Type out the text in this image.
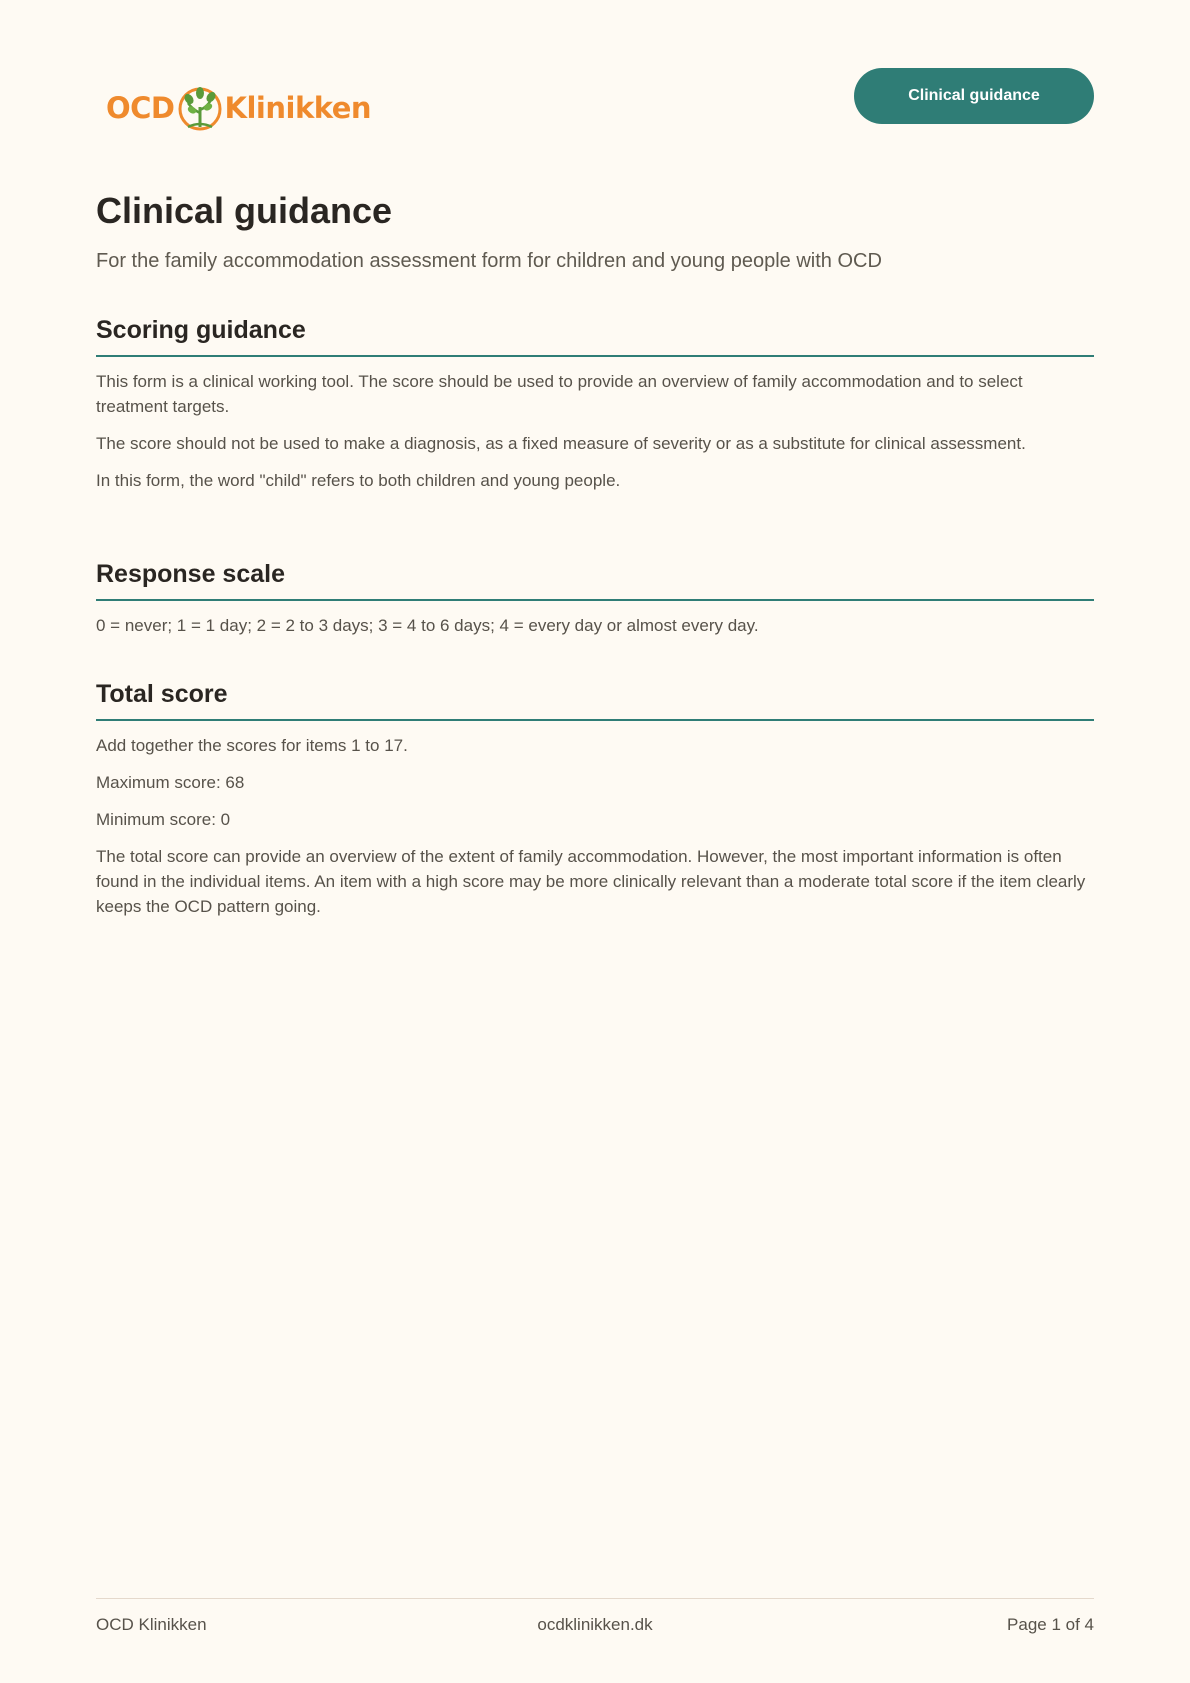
OCD Klinikken	Clinical guidance
Clinical guidance

For the family accommodation assessment form for children and young people with OCD

Scoring guidance

This form is a clinical working tool. The score should be used to provide an overview of family accommodation and to select treatment targets.

The score should not be used to make a diagnosis, as a fixed measure of severity or as a substitute for clinical assessment.

In this form, the word "child" refers to both children and young people.

Response scale

0 = never; 1 = 1 day; 2 = 2 to 3 days; 3 = 4 to 6 days; 4 = every day or almost every day.

Total score

Add together the scores for items 1 to 17.

Maximum score: 68

Minimum score: 0

The total score can provide an overview of the extent of family accommodation. However, the most important information is often found in the individual items. An item with a high score may be more clinically relevant than a moderate total score if the item clearly keeps the OCD pattern going.

OCD Klinikken	ocdklinikken.dk	Page 1 of 4
